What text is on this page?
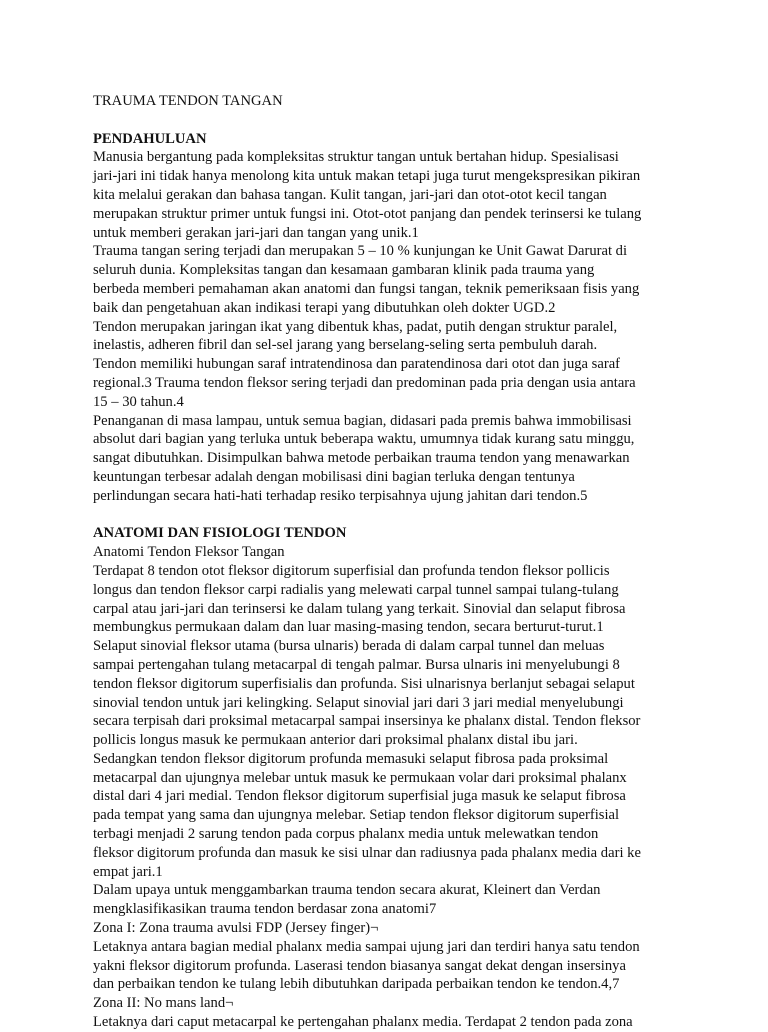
TRAUMA TENDON TANGAN

PENDAHULUAN

Manusia bergantung pada kompleksitas struktur tangan untuk bertahan hidup. Spesialisasi

jari-jari ini tidak hanya menolong kita untuk makan tetapi juga turut mengekspresikan pikiran

kita melalui gerakan dan bahasa tangan. Kulit tangan, jari-jari dan otot-otot kecil tangan

merupakan struktur primer untuk fungsi ini. Otot-otot panjang dan pendek terinsersi ke tulang

untuk memberi gerakan jari-jari dan tangan yang unik.1

Trauma tangan sering terjadi dan merupakan 5 – 10 % kunjungan ke Unit Gawat Darurat di

seluruh dunia. Kompleksitas tangan dan kesamaan gambaran klinik pada trauma yang

berbeda memberi pemahaman akan anatomi dan fungsi tangan, teknik pemeriksaan fisis yang

baik dan pengetahuan akan indikasi terapi yang dibutuhkan oleh dokter UGD.2

Tendon merupakan jaringan ikat yang dibentuk khas, padat, putih dengan struktur paralel,

inelastis, adheren fibril dan sel-sel jarang yang berselang-seling serta pembuluh darah.

Tendon memiliki hubungan saraf intratendinosa dan paratendinosa dari otot dan juga saraf

regional.3 Trauma tendon fleksor sering terjadi dan predominan pada pria dengan usia antara

15 – 30 tahun.4

Penanganan di masa lampau, untuk semua bagian, didasari pada premis bahwa immobilisasi

absolut dari bagian yang terluka untuk beberapa waktu, umumnya tidak kurang satu minggu,

sangat dibutuhkan. Disimpulkan bahwa metode perbaikan trauma tendon yang menawarkan

keuntungan terbesar adalah dengan mobilisasi dini bagian terluka dengan tentunya

perlindungan secara hati-hati terhadap resiko terpisahnya ujung jahitan dari tendon.5

ANATOMI DAN FISIOLOGI TENDON

Anatomi Tendon Fleksor Tangan

Terdapat 8 tendon otot fleksor digitorum superfisial dan profunda tendon fleksor pollicis

longus dan tendon fleksor carpi radialis yang melewati carpal tunnel sampai tulang-tulang

carpal atau jari-jari dan terinsersi ke dalam tulang yang terkait. Sinovial dan selaput fibrosa

membungkus permukaan dalam dan luar masing-masing tendon, secara berturut-turut.1

Selaput sinovial fleksor utama (bursa ulnaris) berada di dalam carpal tunnel dan meluas

sampai pertengahan tulang metacarpal di tengah palmar. Bursa ulnaris ini menyelubungi 8

tendon fleksor digitorum superfisialis dan profunda. Sisi ulnarisnya berlanjut sebagai selaput

sinovial tendon untuk jari kelingking. Selaput sinovial jari dari 3 jari medial menyelubungi

secara terpisah dari proksimal metacarpal sampai insersinya ke phalanx distal. Tendon fleksor

pollicis longus masuk ke permukaan anterior dari proksimal phalanx distal ibu jari.

Sedangkan tendon fleksor digitorum profunda memasuki selaput fibrosa pada proksimal

metacarpal dan ujungnya melebar untuk masuk ke permukaan volar dari proksimal phalanx

distal dari 4 jari medial. Tendon fleksor digitorum superfisial juga masuk ke selaput fibrosa

pada tempat yang sama dan ujungnya melebar. Setiap tendon fleksor digitorum superfisial

terbagi menjadi 2 sarung tendon pada corpus phalanx media untuk melewatkan tendon

fleksor digitorum profunda dan masuk ke sisi ulnar dan radiusnya pada phalanx media dari ke

empat jari.1

Dalam upaya untuk menggambarkan trauma tendon secara akurat, Kleinert dan Verdan

mengklasifikasikan trauma tendon berdasar zona anatomi7

Zona I: Zona trauma avulsi FDP (Jersey finger)¬

Letaknya antara bagian medial phalanx media sampai ujung jari dan terdiri hanya satu tendon

yakni fleksor digitorum profunda. Laserasi tendon biasanya sangat dekat dengan insersinya

dan perbaikan tendon ke tulang lebih dibutuhkan daripada perbaikan tendon ke tendon.4,7

Zona II: No mans land¬

Letaknya dari caput metacarpal ke pertengahan phalanx media. Terdapat 2 tendon pada zona
